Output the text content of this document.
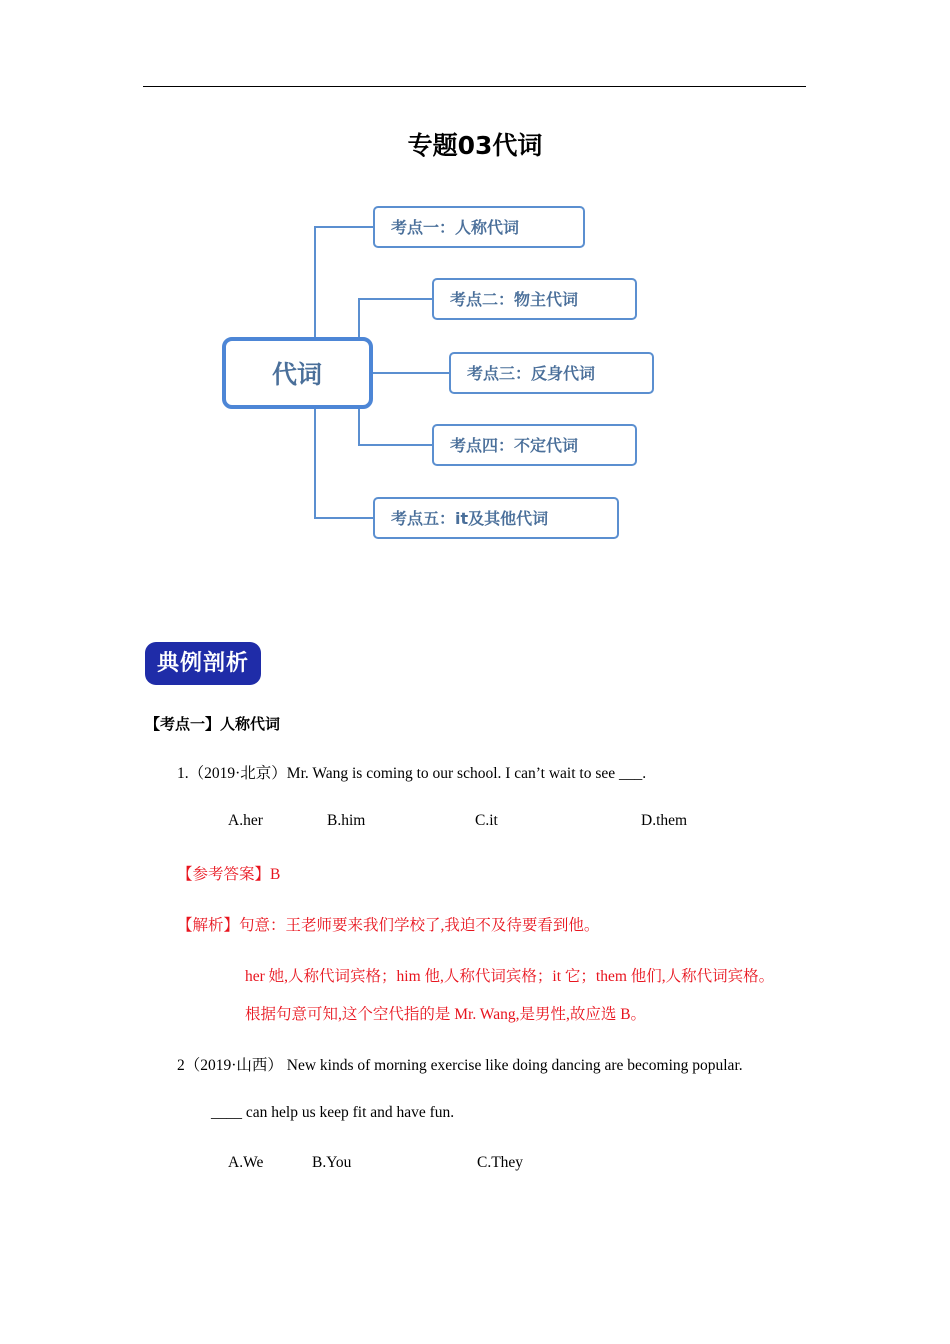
专题03代词
代词
考点一：人称代词
考点二：物主代词
考点三：反身代词
考点四：不定代词
考点五：it及其他代词
典例剖析
【考点一】人称代词
1.（2019·北京）Mr. Wang is coming to our school. I can’t wait to see ___.
A.her	B.him	C.it	D.them
【参考答案】B
【解析】句意：王老师要来我们学校了,我迫不及待要看到他。
her 她,人称代词宾格；him 他,人称代词宾格；it 它；them 他们,人称代词宾格。
根据句意可知,这个空代指的是 Mr. Wang,是男性,故应选 B。
2（2019·山西） New kinds of morning exercise like doing dancing are becoming popular.
____ can help us keep fit and have fun.
A.We	B.You	C.They
